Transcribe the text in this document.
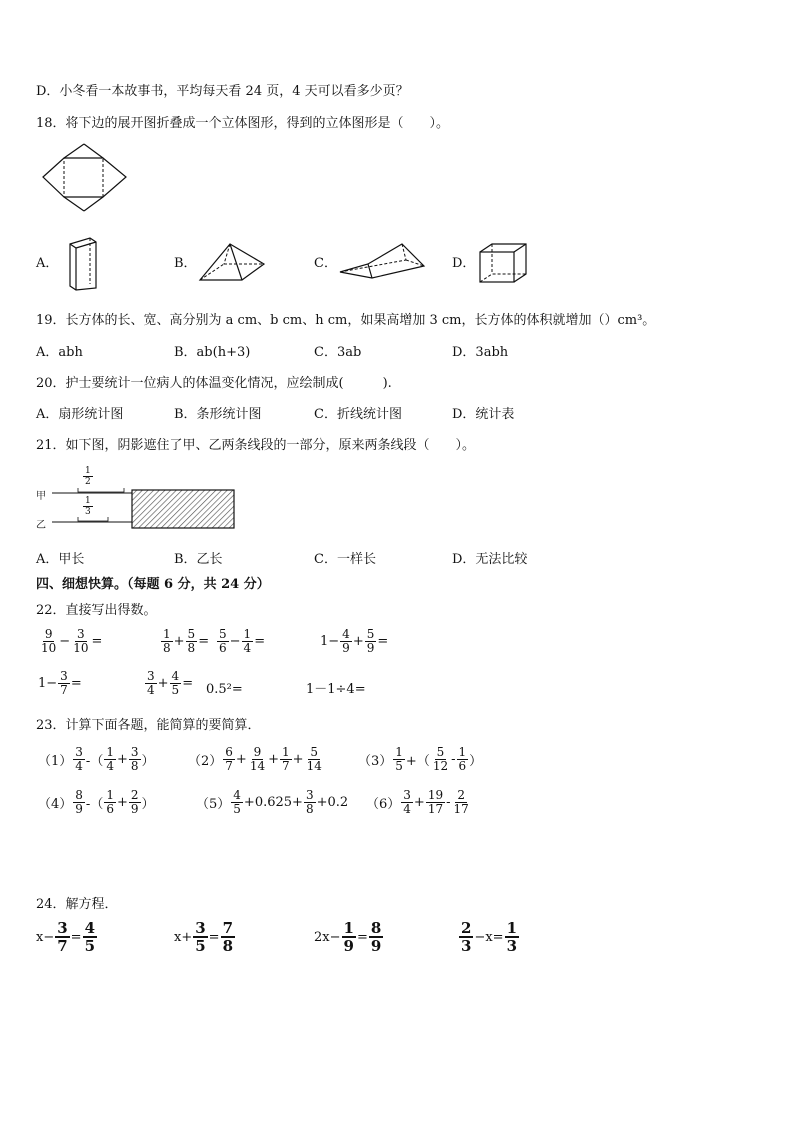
D．小冬看一本故事书，平均每天看 24 页，4 天可以看多少页？
18．将下边的展开图折叠成一个立体图形，得到的立体图形是（　　）。
A．	B．	C．	D．
19．长方体的长、宽、高分别为 a cm、b cm、h cm，如果高增加 3 cm，长方体的体积就增加（）cm³。
A．abh	B．ab(h+3)	C．3ab	D．3abh
20．护士要统计一位病人的体温变化情况，应绘制成(　　　).
A．扇形统计图	B．条形统计图	C．折线统计图	D．统计表
21．如下图，阴影遮住了甲、乙两条线段的一部分，原来两条线段（　　）。
甲
乙
$\frac{1}{2}$
$\frac{1}{3}$
A．甲长	B．乙长	C．一样长	D．无法比较
四、细想快算。（每题 6 分，共 24 分）
22．直接写出得数。
$\frac{9}{10} - \frac{3}{10}$ =	$\frac{1}{8} + \frac{5}{8} = \frac{5}{6} - \frac{1}{4}$ =	$1- \frac{4}{9} + \frac{5}{9}$ =
$1- \frac{3}{7}$ =	$\frac{3}{4} + \frac{4}{5} = 0.5^2=$	1－1÷4=
23．计算下面各题，能简算的要简算．
$(1) \frac{3}{4}$ -（ $\frac{1}{4} + \frac{3}{8}$ ）	$(2) \frac{6}{7} + \frac{9}{14} + \frac{1}{7} + \frac{5}{14}$	$(3) \frac{1}{5}$ +（ $\frac{5}{12} - \frac{1}{6}$ ）
$(4) \frac{8}{9}$ -（ $\frac{1}{6} + \frac{2}{9}$ ）	$(5) \frac{4}{5} +0.625+ \frac{3}{8} +0.2$ $(6) \frac{3}{4} + \frac{19}{17} - \frac{2}{17}$
24．解方程．
$x- \frac{3}{7} = \frac{4}{5}$	$x+ \frac{3}{5} = \frac{7}{8}$	$2x- \frac{1}{9} = \frac{8}{9}$	$\frac{2}{3} -x= \frac{1}{3}$
